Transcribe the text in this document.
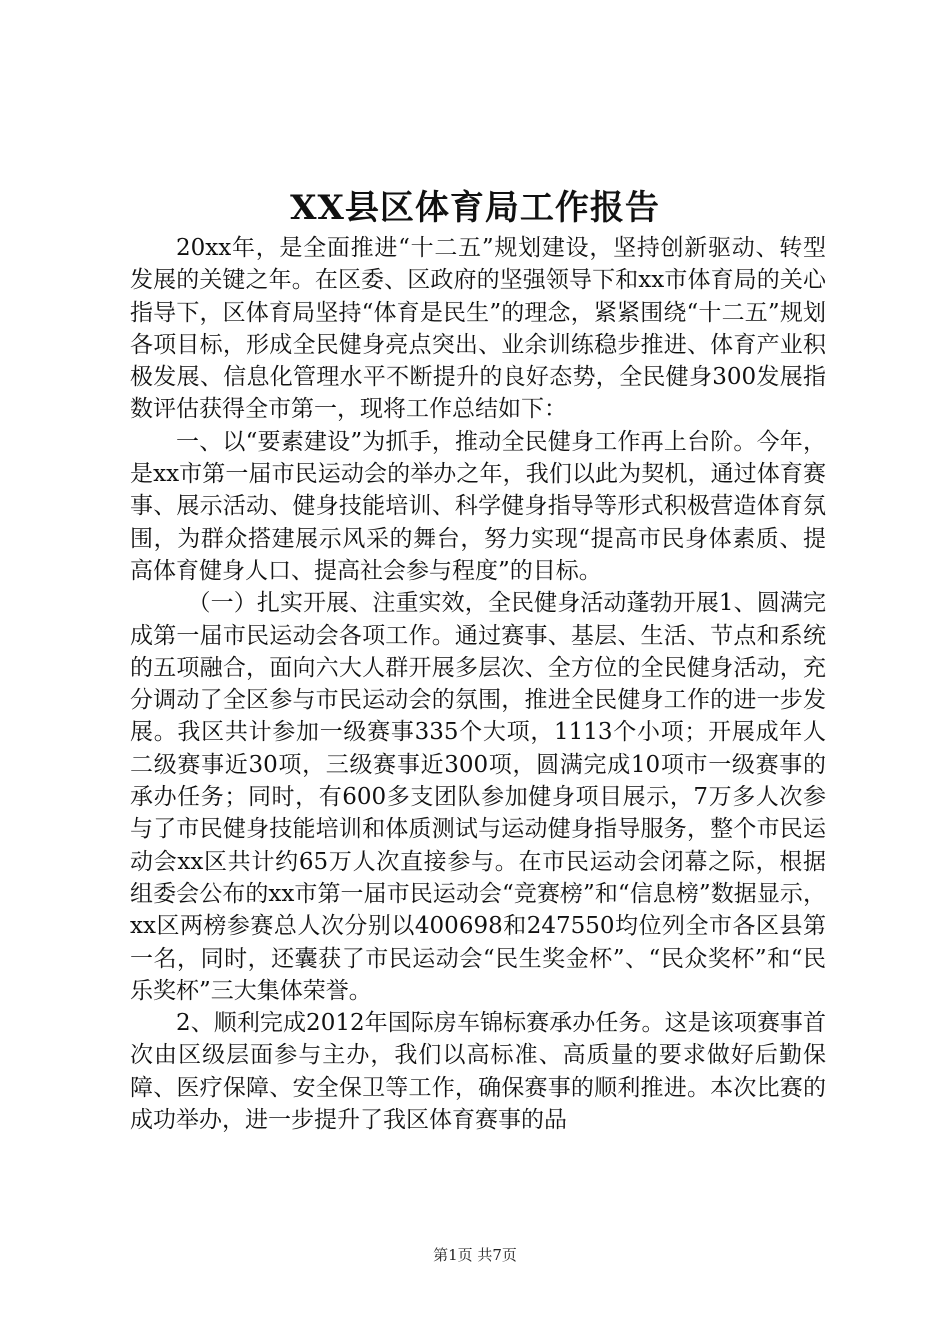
XX县区体育局工作报告

20xx年，是全面推进“十二五”规划建设，坚持创新驱动、转型发展的关键之年。在区委、区政府的坚强领导下和xx市体育局的关心指导下，区体育局坚持“体育是民生”的理念，紧紧围绕“十二五”规划各项目标，形成全民健身亮点突出、业余训练稳步推进、体育产业积极发展、信息化管理水平不断提升的良好态势，全民健身300发展指数评估获得全市第一，现将工作总结如下：

一、以“要素建设”为抓手，推动全民健身工作再上台阶。今年，是xx市第一届市民运动会的举办之年，我们以此为契机，通过体育赛事、展示活动、健身技能培训、科学健身指导等形式积极营造体育氛围，为群众搭建展示风采的舞台，努力实现“提高市民身体素质、提高体育健身人口、提高社会参与程度”的目标。

（一）扎实开展、注重实效，全民健身活动蓬勃开展1、圆满完成第一届市民运动会各项工作。通过赛事、基层、生活、节点和系统的五项融合，面向六大人群开展多层次、全方位的全民健身活动，充分调动了全区参与市民运动会的氛围，推进全民健身工作的进一步发展。我区共计参加一级赛事335个大项，1113个小项；开展成年人二级赛事近30项，三级赛事近300项，圆满完成10项市一级赛事的承办任务；同时，有600多支团队参加健身项目展示，7万多人次参与了市民健身技能培训和体质测试与运动健身指导服务，整个市民运动会xx区共计约65万人次直接参与。在市民运动会闭幕之际，根据组委会公布的xx市第一届市民运动会“竞赛榜”和“信息榜”数据显示，xx区两榜参赛总人次分别以400698和247550均位列全市各区县第一名，同时，还囊获了市民运动会“民生奖金杯”、“民众奖杯”和“民乐奖杯”三大集体荣誉。

2、顺利完成2012年国际房车锦标赛承办任务。这是该项赛事首次由区级层面参与主办，我们以高标准、高质量的要求做好后勤保障、医疗保障、安全保卫等工作，确保赛事的顺利推进。本次比赛的成功举办，进一步提升了我区体育赛事的品

第1页 共7页
